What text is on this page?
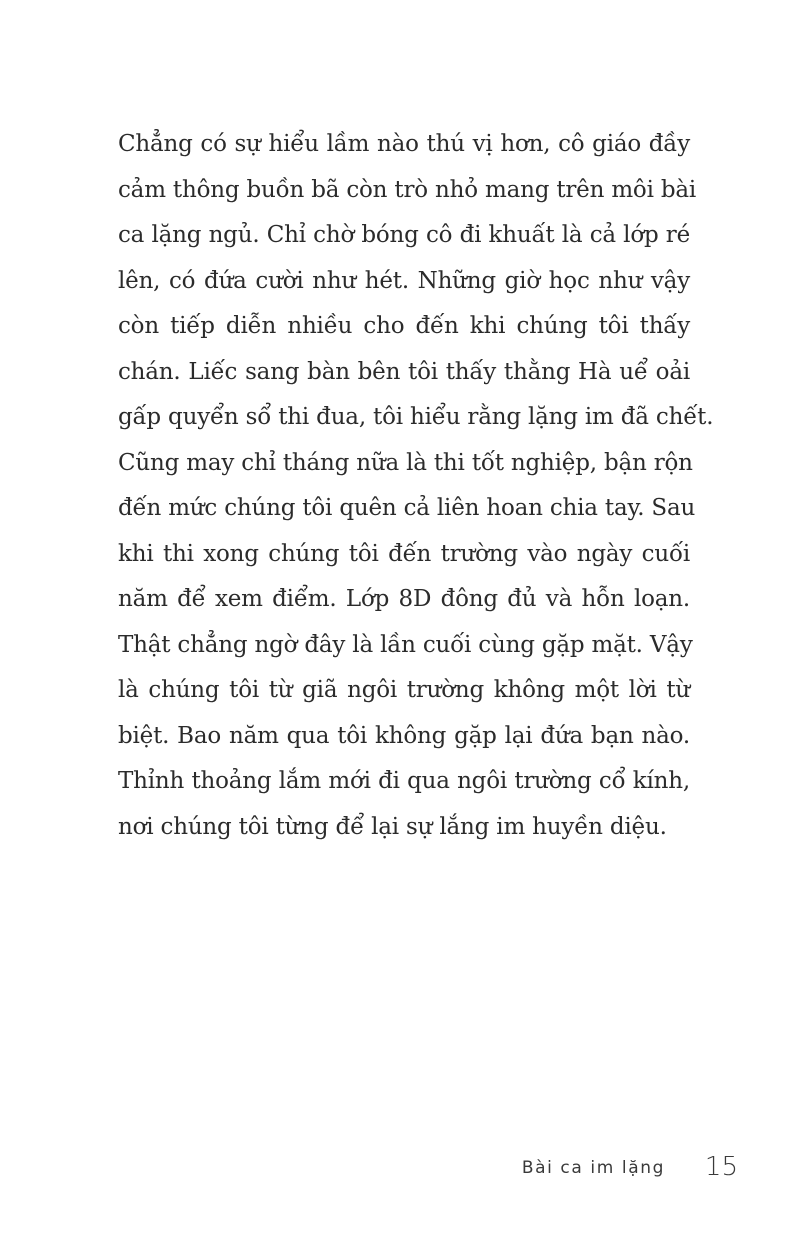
Chẳng có sự hiểu lầm nào thú vị hơn, cô giáo đầy
cảm thông buồn bã còn trò nhỏ mang trên môi bài
ca lặng ngủ. Chỉ chờ bóng cô đi khuất là cả lớp ré
lên, có đứa cười như hét. Những giờ học như vậy
còn tiếp diễn nhiều cho đến khi chúng tôi thấy
chán. Liếc sang bàn bên tôi thấy thằng Hà uể oải
gấp quyển sổ thi đua, tôi hiểu rằng lặng im đã chết.
Cũng may chỉ tháng nữa là thi tốt nghiệp, bận rộn
đến mức chúng tôi quên cả liên hoan chia tay. Sau
khi thi xong chúng tôi đến trường vào ngày cuối
năm để xem điểm. Lớp 8D đông đủ và hỗn loạn.
Thật chẳng ngờ đây là lần cuối cùng gặp mặt. Vậy
là chúng tôi từ giã ngôi trường không một lời từ
biệt. Bao năm qua tôi không gặp lại đứa bạn nào.
Thỉnh thoảng lắm mới đi qua ngôi trường cổ kính,
nơi chúng tôi từng để lại sự lắng im huyền diệu.
Bài ca im lặng 15
